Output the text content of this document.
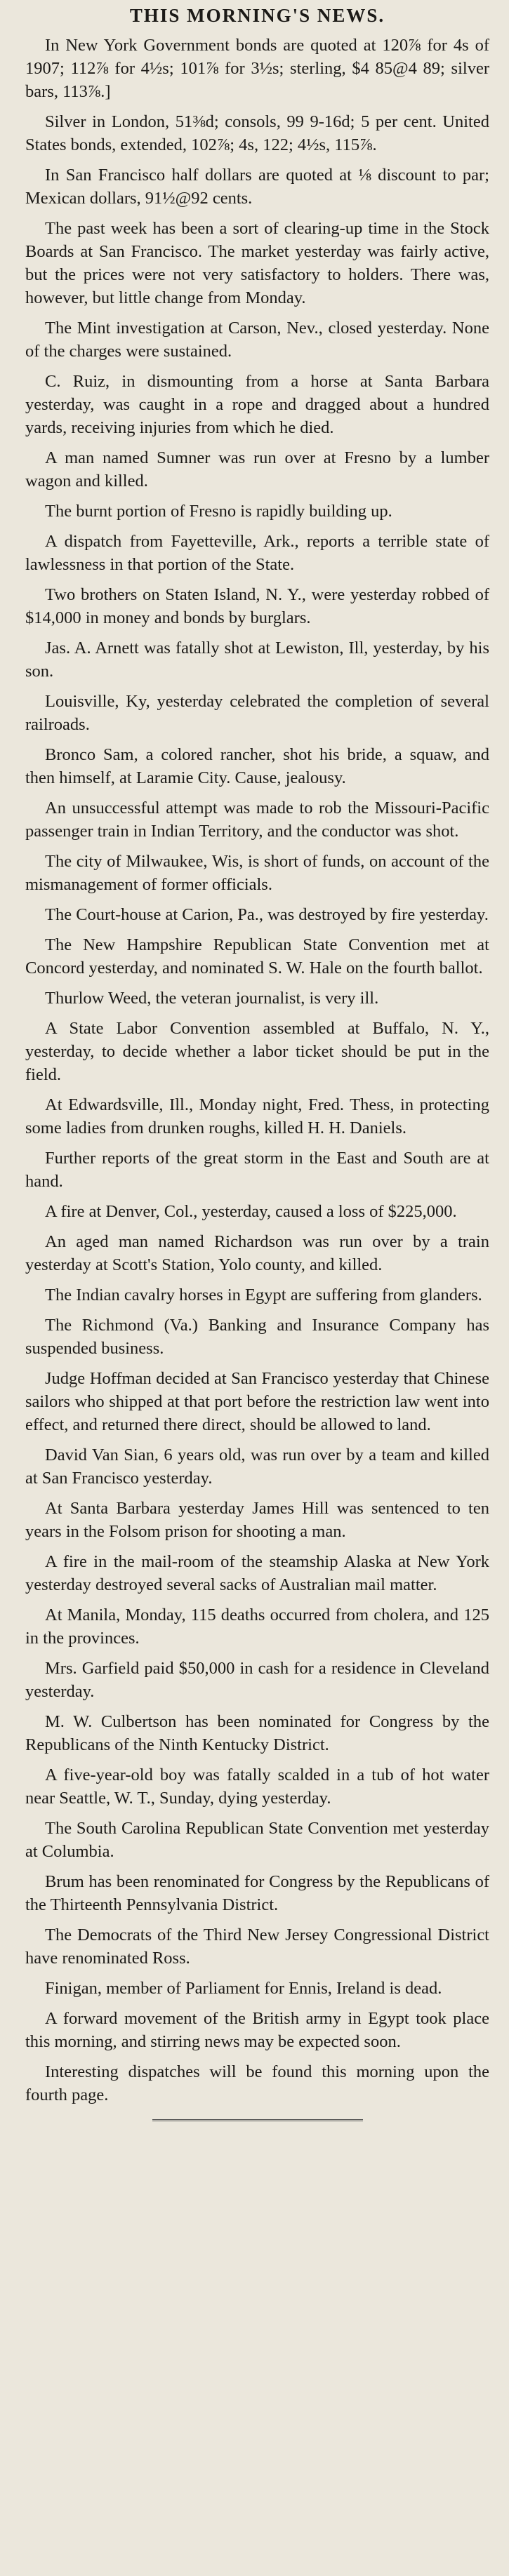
THIS MORNING'S NEWS.

In New York Government bonds are quoted at 120⅞ for 4s of 1907; 112⅞ for 4½s; 101⅞ for 3½s; sterling, $4 85@4 89; silver bars, 113⅞.]

Silver in London, 51⅜d; consols, 99 9-16d; 5 per cent. United States bonds, extended, 102⅞; 4s, 122; 4½s, 115⅞.

In San Francisco half dollars are quoted at ⅛ discount to par; Mexican dollars, 91½@92 cents.

The past week has been a sort of clearing-up time in the Stock Boards at San Francisco. The market yesterday was fairly active, but the prices were not very satisfactory to holders. There was, however, but little change from Monday.

The Mint investigation at Carson, Nev., closed yesterday. None of the charges were sustained.

C. Ruiz, in dismounting from a horse at Santa Barbara yesterday, was caught in a rope and dragged about a hundred yards, receiving injuries from which he died.

A man named Sumner was run over at Fresno by a lumber wagon and killed.

The burnt portion of Fresno is rapidly building up.

A dispatch from Fayetteville, Ark., reports a terrible state of lawlessness in that portion of the State.

Two brothers on Staten Island, N. Y., were yesterday robbed of $14,000 in money and bonds by burglars.

Jas. A. Arnett was fatally shot at Lewiston, Ill, yesterday, by his son.

Louisville, Ky, yesterday celebrated the completion of several railroads.

Bronco Sam, a colored rancher, shot his bride, a squaw, and then himself, at Laramie City. Cause, jealousy.

An unsuccessful attempt was made to rob the Missouri-Pacific passenger train in Indian Territory, and the conductor was shot.

The city of Milwaukee, Wis, is short of funds, on account of the mismanagement of former officials.

The Court-house at Carion, Pa., was destroyed by fire yesterday.

The New Hampshire Republican State Convention met at Concord yesterday, and nominated S. W. Hale on the fourth ballot.

Thurlow Weed, the veteran journalist, is very ill.

A State Labor Convention assembled at Buffalo, N. Y., yesterday, to decide whether a labor ticket should be put in the field.

At Edwardsville, Ill., Monday night, Fred. Thess, in protecting some ladies from drunken roughs, killed H. H. Daniels.

Further reports of the great storm in the East and South are at hand.

A fire at Denver, Col., yesterday, caused a loss of $225,000.

An aged man named Richardson was run over by a train yesterday at Scott's Station, Yolo county, and killed.

The Indian cavalry horses in Egypt are suffering from glanders.

The Richmond (Va.) Banking and Insurance Company has suspended business.

Judge Hoffman decided at San Francisco yesterday that Chinese sailors who shipped at that port before the restriction law went into effect, and returned there direct, should be allowed to land.

David Van Sian, 6 years old, was run over by a team and killed at San Francisco yesterday.

At Santa Barbara yesterday James Hill was sentenced to ten years in the Folsom prison for shooting a man.

A fire in the mail-room of the steamship Alaska at New York yesterday destroyed several sacks of Australian mail matter.

At Manila, Monday, 115 deaths occurred from cholera, and 125 in the provinces.

Mrs. Garfield paid $50,000 in cash for a residence in Cleveland yesterday.

M. W. Culbertson has been nominated for Congress by the Republicans of the Ninth Kentucky District.

A five-year-old boy was fatally scalded in a tub of hot water near Seattle, W. T., Sunday, dying yesterday.

The South Carolina Republican State Convention met yesterday at Columbia.

Brum has been renominated for Congress by the Republicans of the Thirteenth Pennsylvania District.

The Democrats of the Third New Jersey Congressional District have renominated Ross.

Finigan, member of Parliament for Ennis, Ireland is dead.

A forward movement of the British army in Egypt took place this morning, and stirring news may be expected soon.

Interesting dispatches will be found this morning upon the fourth page.
